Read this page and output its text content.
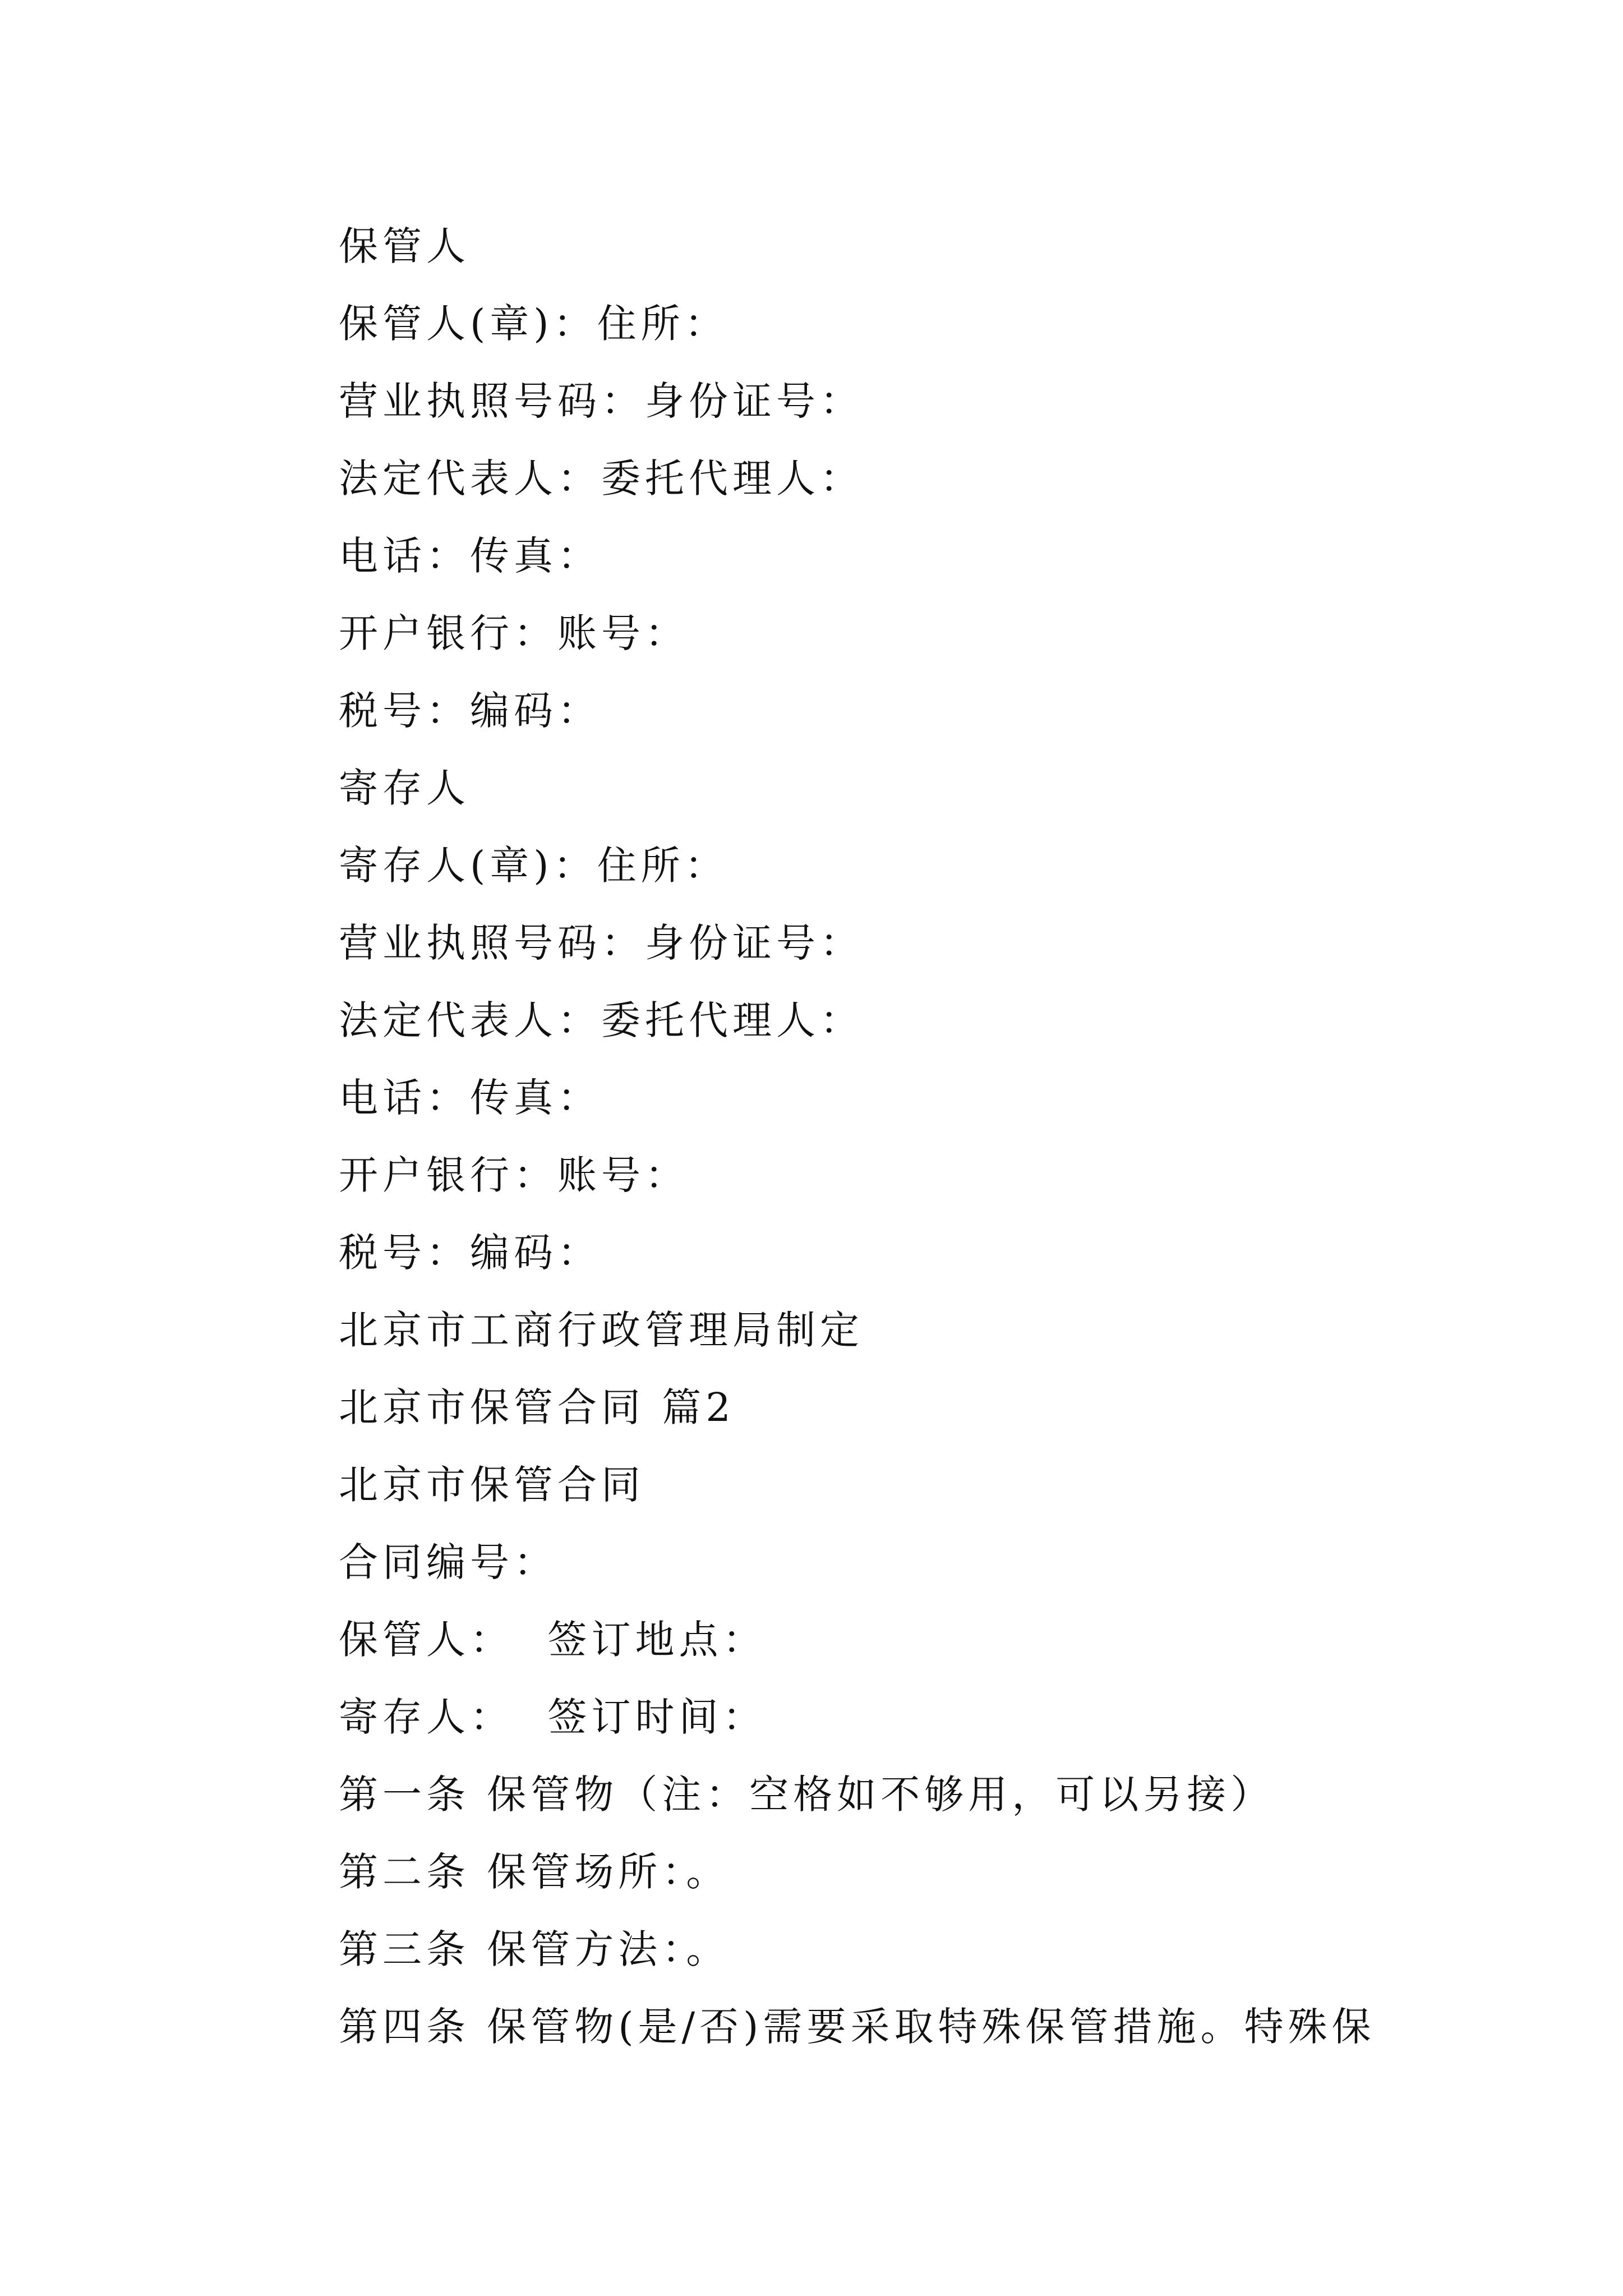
保管人
保管人(章)：住所：
营业执照号码：身份证号：
法定代表人：委托代理人：
电话：传真：
开户银行：账号：
税号：编码：
寄存人
寄存人(章)：住所：
营业执照号码：身份证号：
法定代表人：委托代理人：
电话：传真：
开户银行：账号：
税号：编码：
北京市工商行政管理局制定
北京市保管合同 篇2
北京市保管合同
合同编号：
保管人：  签订地点：
寄存人：  签订时间：
第一条 保管物（注：空格如不够用，可以另接）
第二条 保管场所：。
第三条 保管方法：。
第四条 保管物(是/否)需要采取特殊保管措施。特殊保
